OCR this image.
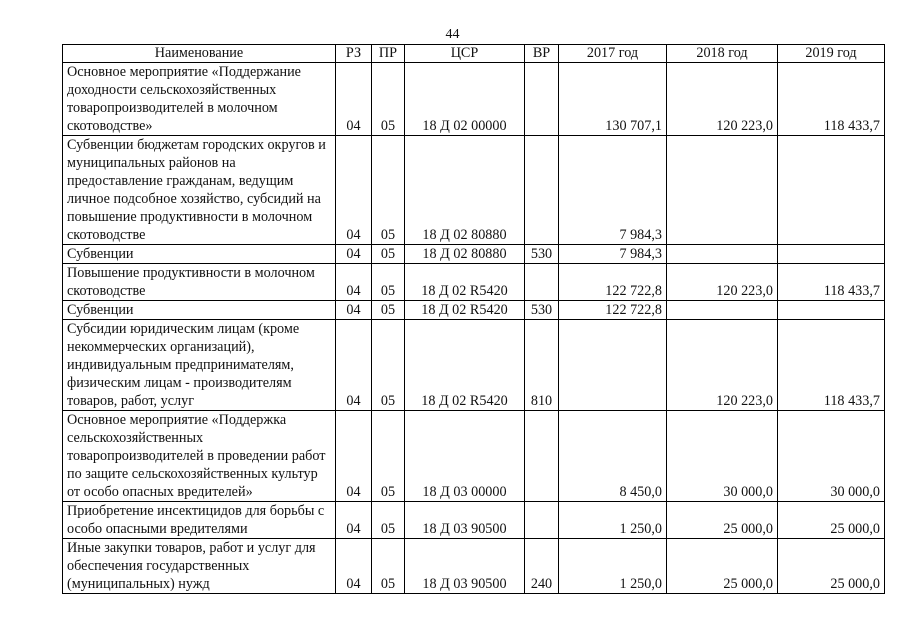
44
Наименование	РЗ	ПР	ЦСР	ВР	2017 год	2018 год	2019 год
Основное мероприятие «Поддержание доходности сельскохозяйственных товаропроизводителей в молочном скотоводстве»	04	05	18 Д 02 00000		130 707,1	120 223,0	118 433,7
Субвенции бюджетам городских округов и муниципальных районов на предоставление гражданам, ведущим личное подсобное хозяйство, субсидий на повышение продуктивности в молочном скотоводстве	04	05	18 Д 02 80880		7 984,3		
Субвенции	04	05	18 Д 02 80880	530	7 984,3		
Повышение продуктивности в молочном скотоводстве	04	05	18 Д 02 R5420		122 722,8	120 223,0	118 433,7
Субвенции	04	05	18 Д 02 R5420	530	122 722,8		
Субсидии юридическим лицам (кроме некоммерческих организаций), индивидуальным предпринимателям, физическим лицам - производителям товаров, работ, услуг	04	05	18 Д 02 R5420	810		120 223,0	118 433,7
Основное мероприятие «Поддержка сельскохозяйственных товаропроизводителей в проведении работ по защите сельскохозяйственных культур от особо опасных вредителей»	04	05	18 Д 03 00000		8 450,0	30 000,0	30 000,0
Приобретение инсектицидов для борьбы с особо опасными вредителями	04	05	18 Д 03 90500		1 250,0	25 000,0	25 000,0
Иные закупки товаров, работ и услуг для обеспечения государственных (муниципальных) нужд	04	05	18 Д 03 90500	240	1 250,0	25 000,0	25 000,0
